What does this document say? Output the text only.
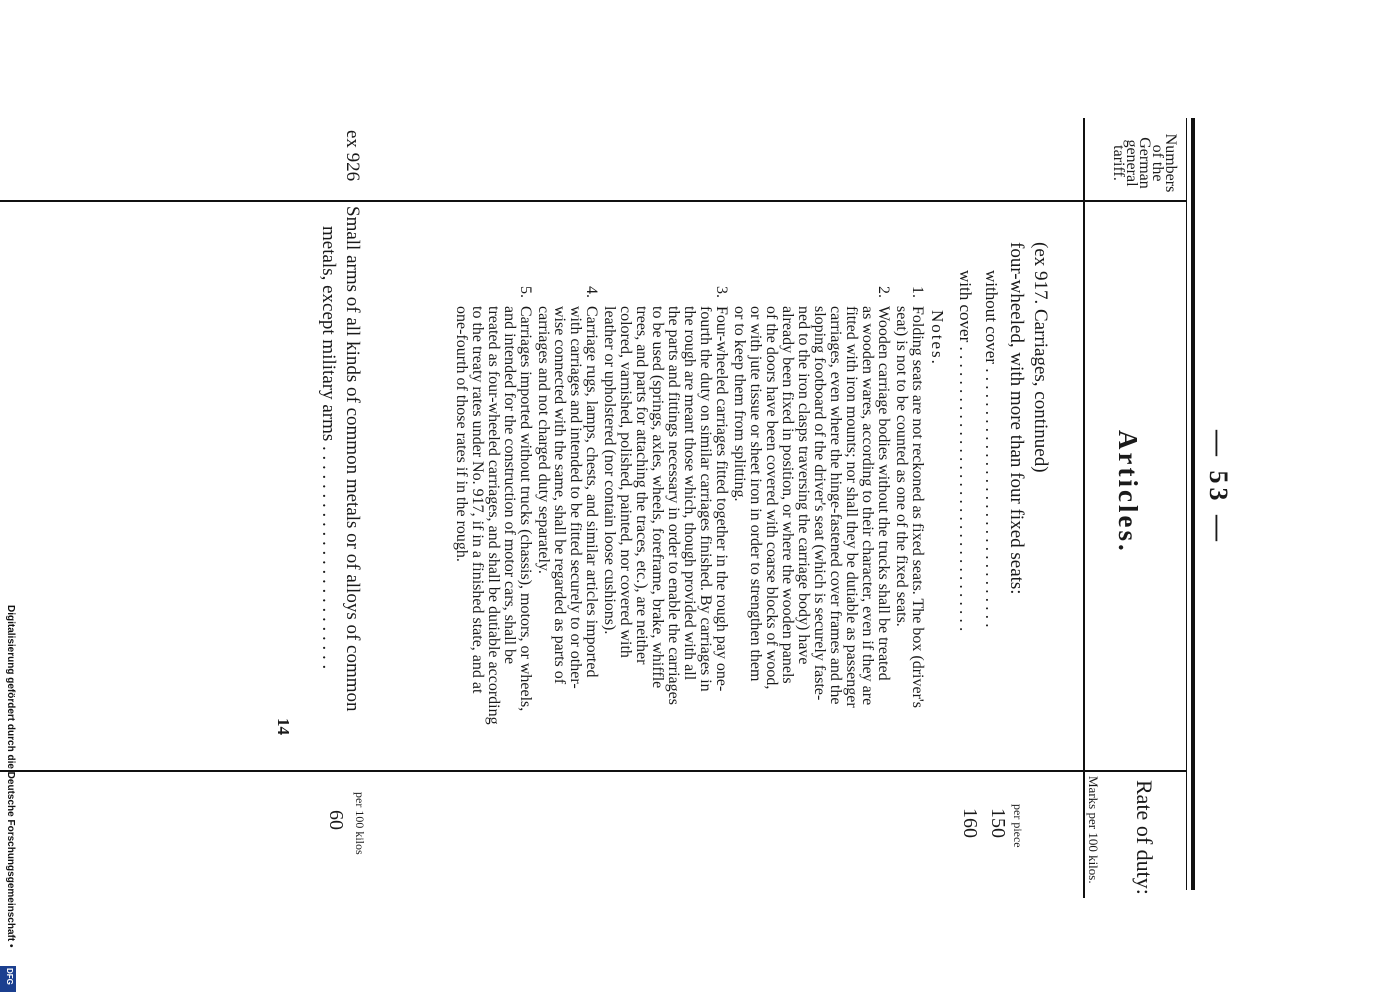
— 53 —
Numbers
of the
German
general
tariff.
Articles.
Rate of duty:
Marks per 100 kilos.
(ex 917. Carriages, continued)
four-wheeled, with more than four fixed seats:
without cover . . . . . . . . . . . . . . . . . . . . . . . . . . . . . . .
with cover . . . . . . . . . . . . . . . . . . . . . . . . . . . . . . . . . .
per piece
150
160
Notes.
1.
Folding seats are not reckoned as fixed seats. The box (driver's
seat) is not to be counted as one of the fixed seats.
2.
Wooden carriage bodies without the trucks shall be treated
as wooden wares, according to their character, even if they are
fitted with iron mounts; nor shall they be dutiable as passenger
carriages, even where the hinge-fastened cover frames and the
sloping footboard of the driver's seat (which is securely faste-
ned to the iron clasps traversing the carriage body) have
already been fixed in position, or where the wooden panels
of the doors have been covered with coarse blocks of wood,
or with jute tissue or sheet iron in order to strengthen them
or to keep them from splitting.
3.
Four-wheeled carriages fitted together in the rough pay one-
fourth the duty on similar carriages finished. By carriages in
the rough are meant those which, though provided with all
the parts and fittings necessary in order to enable the carriages
to be used (springs, axles, wheels, foreframe, brake, whiffle
trees, and parts for attaching the traces, etc.), are neither
colored, varnished, polished, painted, nor covered with
leather or upholstered (nor contain loose cushions).
4.
Carriage rugs, lamps, chests, and similar articles imported
with carriages and intended to be fitted securely to or other-
wise connected with the same, shall be regarded as parts of
carriages and not charged duty separately.
5.
Carriages imported without trucks (chassis), motors, or wheels,
and intended for the construction of motor cars, shall be
treated as four-wheeled carriages, and shall be dutiable according
to the treaty rates under No. 917, if in a finished state, and at
one-fourth of those rates if in the rough.
ex 926
Small arms of all kinds of common metals or of alloys of common
metals, except military arms . . . . . . . . . . . . . . . . . . . . . . . .
per 100 kilos
60
14
Digitalisierung gefördert durch die Deutsche Forschungsgemeinschaft •
DFG
